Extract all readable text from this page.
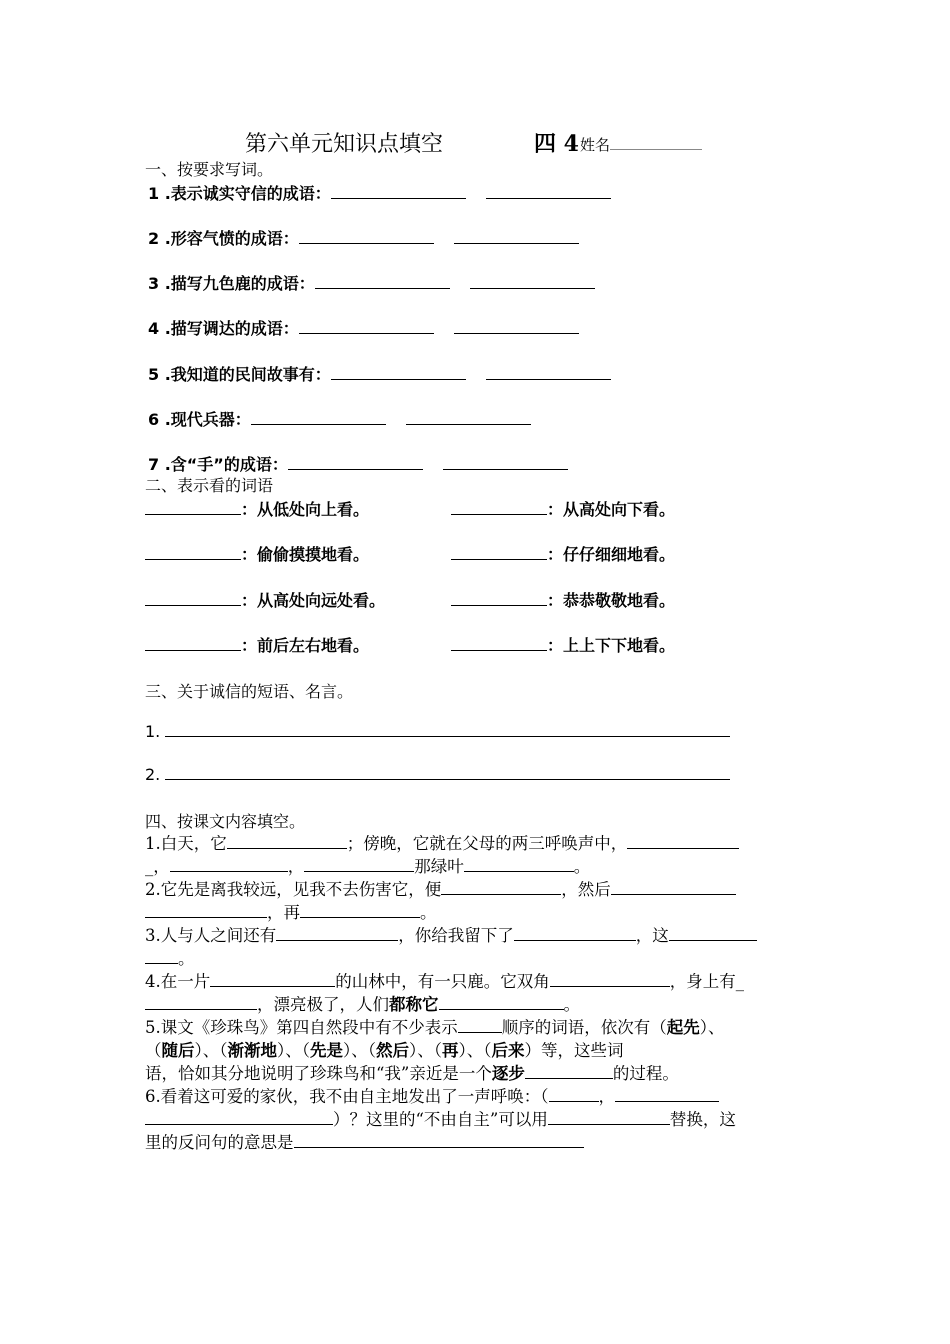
第六单元知识点填空	四 4 姓名
一、按要求写词。
1 .表示诚实守信的成语：
2 .形容气愤的成语：
3 .描写九色鹿的成语：
4 .描写调达的成语：
5 .我知道的民间故事有：
6 .现代兵器：
7 .含“手”的成语：
二、表示看的词语
：从低处向上看。	：从高处向下看。
：偷偷摸摸地看。	：仔仔细细地看。
：从高处向远处看。	：恭恭敬敬地看。
：前后左右地看。	：上上下下地看。
三、关于诚信的短语、名言。
1.
2.
四、按课文内容填空。
1.白天，它	；傍晚，它就在父母的两三呼唤声中，
_，	，	那绿叶	。
2.它先是离我较远，见我不去伤害它，便	，然后
，再	。
3.人与人之间还有	，你给我留下了	，这
。
4.在一片	的山林中，有一只鹿。它双角	，身上有_
，漂亮极了，人们都称它	。
5.课文《珍珠鸟》第四自然段中有不少表示	顺序的词语，依次有（起先）、
（随后）、（渐渐地）、（先是）、（然后）、（再）、（后来）等，这些词
语，恰如其分地说明了珍珠鸟和“我”亲近是一个逐步	的过程。
6.看着这可爱的家伙，我不由自主地发出了一声呼唤：（	，
）？这里的“不由自主”可以用	替换，这
里的反问句的意思是
